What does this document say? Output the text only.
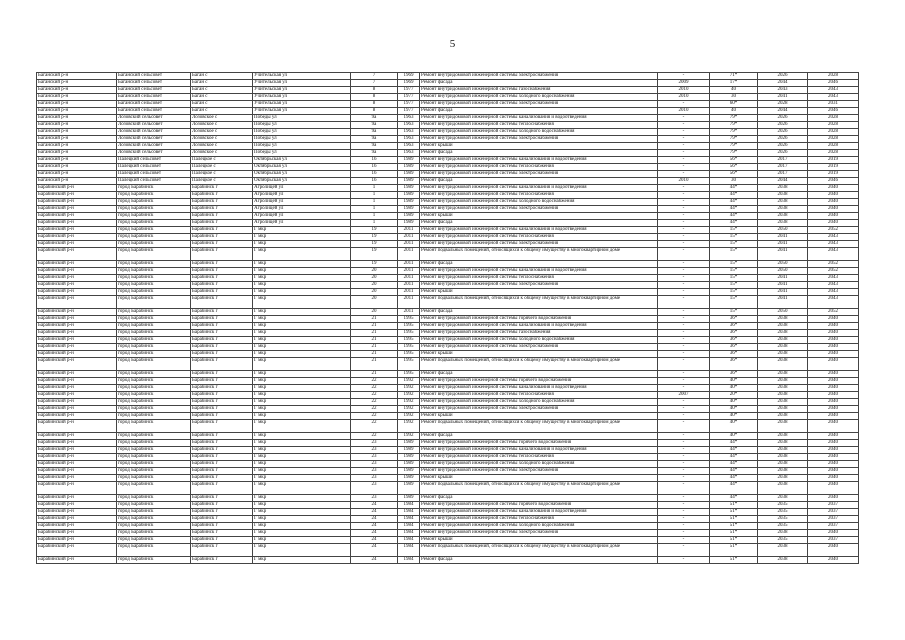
5
Баганский р-н	Баганский сельсовет	Баган с	Учительская ул	7	1969	Ремонт внутридомовой инженерной системы электроснабжения	-	71*	2026	2028
Баганский р-н	Баганский сельсовет	Баган с	Учительская ул	7	1969	Ремонт фасада	2009	17*	2044	2046
Баганский р-н	Баганский сельсовет	Баган с	Учительская ул	8	1977	Ремонт внутридомовой инженерной системы газоснабжения	2010	40	2043	2043
Баганский р-н	Баганский сельсовет	Баган с	Учительская ул	8	1977	Ремонт внутридомовой инженерной системы холодного водоснабжения	2010	30	2041	2043
Баганский р-н	Баганский сельсовет	Баган с	Учительская ул	8	1977	Ремонт внутридомовой инженерной системы электроснабжения	-	60*	2028	2031
Баганский р-н	Баганский сельсовет	Баган с	Учительская ул	8	1977	Ремонт фасада	2010	40	2044	2046
Баганский р-н	Лозовский сельсовет	Лозовское с	Победы ул	9а	1963	Ремонт внутридомовой инженерной системы канализования и водоотведения	-	79*	2026	2028
Баганский р-н	Лозовский сельсовет	Лозовское с	Победы ул	9а	1963	Ремонт внутридомовой инженерной системы теплоснабжения	-	79*	2026	2028
Баганский р-н	Лозовский сельсовет	Лозовское с	Победы ул	9а	1963	Ремонт внутридомовой инженерной системы холодного водоснабжения	-	79*	2026	2028
Баганский р-н	Лозовский сельсовет	Лозовское с	Победы ул	9а	1963	Ремонт внутридомовой инженерной системы электроснабжения	-	79*	2026	2028
Баганский р-н	Лозовский сельсовет	Лозовское с	Победы ул	9а	1963	Ремонт крыши	-	79*	2026	2028
Баганский р-н	Лозовский сельсовет	Лозовское с	Победы ул	9а	1963	Ремонт фасада	-	79*	2026	2028
Баганский р-н	Палецкий сельсовет	Палецкое с	Октябрьская ул	16	1989	Ремонт внутридомовой инженерной системы канализования и водоотведения	-	56*	2017	2019
Баганский р-н	Палецкий сельсовет	Палецкое с	Октябрьская ул	16	1989	Ремонт внутридомовой инженерной системы теплоснабжения	-	56*	2017	2019
Баганский р-н	Палецкий сельсовет	Палецкое с	Октябрьская ул	16	1989	Ремонт внутридомовой инженерной системы электроснабжения	-	56*	2017	2019
Баганский р-н	Палецкий сельсовет	Палецкое с	Октябрьская ул	16	1989	Ремонт фасада	2010	30	2044	2046
Барабинский р-н	город Барабинск	Барабинск г	Агролицей ул	1	1989	Ремонт внутридомовой инженерной системы канализования и водоотведения	-	44*	2038	2040
Барабинский р-н	город Барабинск	Барабинск г	Агролицей ул	1	1989	Ремонт внутридомовой инженерной системы теплоснабжения	-	44*	2038	2040
Барабинский р-н	город Барабинск	Барабинск г	Агролицей ул	1	1989	Ремонт внутридомовой инженерной системы холодного водоснабжения	-	44*	2038	2040
Барабинский р-н	город Барабинск	Барабинск г	Агролицей ул	1	1989	Ремонт внутридомовой инженерной системы электроснабжения	-	44*	2038	2040
Барабинский р-н	город Барабинск	Барабинск г	Агролицей ул	1	1989	Ремонт крыши	-	44*	2038	2040
Барабинский р-н	город Барабинск	Барабинск г	Агролицей ул	1	1989	Ремонт фасада	-	44*	2038	2040
Барабинский р-н	город Барабинск	Барабинск г	Г мкр	19	2011	Ремонт внутридомовой инженерной системы канализования и водоотведения	-	15*	2050	2052
Барабинский р-н	город Барабинск	Барабинск г	Г мкр	19	2011	Ремонт внутридомовой инженерной системы теплоснабжения	-	15*	2041	2043
Барабинский р-н	город Барабинск	Барабинск г	Г мкр	19	2011	Ремонт внутридомовой инженерной системы электроснабжения	-	15*	2041	2043
Барабинский р-н	город Барабинск	Барабинск г	Г мкр	19	2011	Ремонт подвальных помещений, относящихся к общему имуществу в многоквартирном доме	-	15*	2041	2043
Барабинский р-н	город Барабинск	Барабинск г	Г мкр	19	2011	Ремонт фасада	-	15*	2050	2052
Барабинский р-н	город Барабинск	Барабинск г	Г мкр	20	2011	Ремонт внутридомовой инженерной системы канализования и водоотведения	-	15*	2050	2052
Барабинский р-н	город Барабинск	Барабинск г	Г мкр	20	2011	Ремонт внутридомовой инженерной системы теплоснабжения	-	15*	2041	2043
Барабинский р-н	город Барабинск	Барабинск г	Г мкр	20	2011	Ремонт внутридомовой инженерной системы электроснабжения	-	15*	2041	2043
Барабинский р-н	город Барабинск	Барабинск г	Г мкр	20	2011	Ремонт крыши	-	15*	2041	2043
Барабинский р-н	город Барабинск	Барабинск г	Г мкр	20	2011	Ремонт подвальных помещений, относящихся к общему имуществу в многоквартирном доме	-	15*	2041	2043
Барабинский р-н	город Барабинск	Барабинск г	Г мкр	20	2011	Ремонт фасада	-	15*	2050	2052
Барабинский р-н	город Барабинск	Барабинск г	Г мкр	21	1995	Ремонт внутридомовой инженерной системы горячего водоснабжения	-	36*	2038	2040
Барабинский р-н	город Барабинск	Барабинск г	Г мкр	21	1995	Ремонт внутридомовой инженерной системы канализования и водоотведения	-	36*	2038	2040
Барабинский р-н	город Барабинск	Барабинск г	Г мкр	21	1995	Ремонт внутридомовой инженерной системы газоснабжения	-	36*	2038	2040
Барабинский р-н	город Барабинск	Барабинск г	Г мкр	21	1995	Ремонт внутридомовой инженерной системы холодного водоснабжения	-	36*	2038	2040
Барабинский р-н	город Барабинск	Барабинск г	Г мкр	21	1995	Ремонт внутридомовой инженерной системы электроснабжения	-	36*	2038	2040
Барабинский р-н	город Барабинск	Барабинск г	Г мкр	21	1995	Ремонт крыши	-	36*	2038	2040
Барабинский р-н	город Барабинск	Барабинск г	Г мкр	21	1995	Ремонт подвальных помещений, относящихся к общему имуществу в многоквартирном доме	-	36*	2038	2040
Барабинский р-н	город Барабинск	Барабинск г	Г мкр	21	1995	Ремонт фасада	-	36*	2038	2040
Барабинский р-н	город Барабинск	Барабинск г	Г мкр	22	1992	Ремонт внутридомовой инженерной системы горячего водоснабжения	-	40*	2038	2040
Барабинский р-н	город Барабинск	Барабинск г	Г мкр	22	1992	Ремонт внутридомовой инженерной системы канализования и водоотведения	-	40*	2038	2040
Барабинский р-н	город Барабинск	Барабинск г	Г мкр	22	1992	Ремонт внутридомовой инженерной системы теплоснабжения	2007	20*	2038	2040
Барабинский р-н	город Барабинск	Барабинск г	Г мкр	22	1992	Ремонт внутридомовой инженерной системы холодного водоснабжения	-	40*	2038	2040
Барабинский р-н	город Барабинск	Барабинск г	Г мкр	22	1992	Ремонт внутридомовой инженерной системы электроснабжения	-	40*	2038	2040
Барабинский р-н	город Барабинск	Барабинск г	Г мкр	22	1992	Ремонт крыши	-	40*	2038	2040
Барабинский р-н	город Барабинск	Барабинск г	Г мкр	22	1992	Ремонт подвальных помещений, относящихся к общему имуществу в многоквартирном доме	-	40*	2038	2040
Барабинский р-н	город Барабинск	Барабинск г	Г мкр	22	1992	Ремонт фасада	-	40*	2038	2040
Барабинский р-н	город Барабинск	Барабинск г	Г мкр	23	1989	Ремонт внутридомовой инженерной системы горячего водоснабжения	-	44*	2038	2040
Барабинский р-н	город Барабинск	Барабинск г	Г мкр	23	1989	Ремонт внутридомовой инженерной системы канализования и водоотведения	-	44*	2038	2040
Барабинский р-н	город Барабинск	Барабинск г	Г мкр	23	1989	Ремонт внутридомовой инженерной системы теплоснабжения	-	44*	2038	2040
Барабинский р-н	город Барабинск	Барабинск г	Г мкр	23	1989	Ремонт внутридомовой инженерной системы холодного водоснабжения	-	44*	2038	2040
Барабинский р-н	город Барабинск	Барабинск г	Г мкр	23	1989	Ремонт внутридомовой инженерной системы электроснабжения	-	44*	2038	2040
Барабинский р-н	город Барабинск	Барабинск г	Г мкр	23	1989	Ремонт крыши	-	44*	2038	2040
Барабинский р-н	город Барабинск	Барабинск г	Г мкр	23	1989	Ремонт подвальных помещений, относящихся к общему имуществу в многоквартирном доме	-	44*	2038	2040
Барабинский р-н	город Барабинск	Барабинск г	Г мкр	23	1989	Ремонт фасада	-	44*	2038	2040
Барабинский р-н	город Барабинск	Барабинск г	Г мкр	24	1984	Ремонт внутридомовой инженерной системы горячего водоснабжения	-	51*	2035	2037
Барабинский р-н	город Барабинск	Барабинск г	Г мкр	24	1984	Ремонт внутридомовой инженерной системы канализования и водоотведения	-	51*	2035	2037
Барабинский р-н	город Барабинск	Барабинск г	Г мкр	24	1984	Ремонт внутридомовой инженерной системы теплоснабжения	-	51*	2035	2037
Барабинский р-н	город Барабинск	Барабинск г	Г мкр	24	1984	Ремонт внутридомовой инженерной системы холодного водоснабжения	-	51*	2035	2037
Барабинский р-н	город Барабинск	Барабинск г	Г мкр	24	1984	Ремонт внутридомовой инженерной системы электроснабжения	-	51*	2038	2040
Барабинский р-н	город Барабинск	Барабинск г	Г мкр	24	1984	Ремонт крыши	-	51*	2035	2037
Барабинский р-н	город Барабинск	Барабинск г	Г мкр	24	1984	Ремонт подвальных помещений, относящихся к общему имуществу в многоквартирном доме	-	51*	2038	2040
Барабинский р-н	город Барабинск	Барабинск г	Г мкр	24	1984	Ремонт фасада	-	51*	2038	2040
